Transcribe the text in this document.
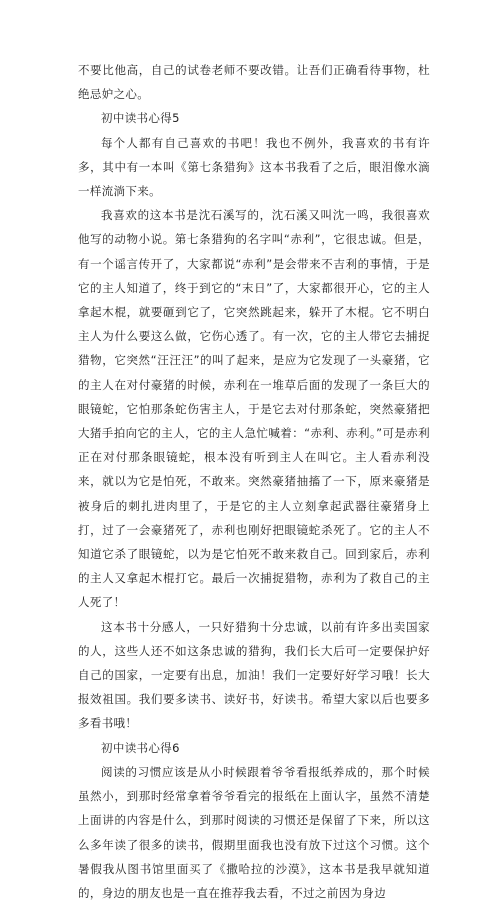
不要比他高，自己的试卷老师不要改错。让吾们正确看待事物，杜绝忌妒之心。

初中读书心得5

每个人都有自己喜欢的书吧！我也不例外，我喜欢的书有许多，其中有一本叫《第七条猎狗》这本书我看了之后，眼泪像水滴一样流淌下来。

我喜欢的这本书是沈石溪写的，沈石溪又叫沈一鸣，我很喜欢他写的动物小说。第七条猎狗的名字叫“赤利”，它很忠诚。但是，有一个谣言传开了，大家都说“赤利”是会带来不吉利的事情，于是它的主人知道了，终于到它的“末日”了，大家都很开心，它的主人拿起木棍，就要砸到它了，它突然跳起来，躲开了木棍。它不明白主人为什么要这么做，它伤心透了。有一次，它的主人带它去捕捉猎物，它突然“汪汪汪”的叫了起来，是应为它发现了一头豪猪，它的主人在对付豪猪的时候，赤利在一堆草后面的发现了一条巨大的眼镜蛇，它怕那条蛇伤害主人，于是它去对付那条蛇，突然豪猪把大猪手拍向它的主人，它的主人急忙喊着：“赤利、赤利。”可是赤利正在对付那条眼镜蛇，根本没有听到主人在叫它。主人看赤利没来，就以为它是怕死，不敢来。突然豪猪抽搐了一下，原来豪猪是被身后的刺扎进肉里了，于是它的主人立刻拿起武器往豪猪身上打，过了一会豪猪死了，赤利也刚好把眼镜蛇杀死了。它的主人不知道它杀了眼镜蛇，以为是它怕死不敢来救自己。回到家后，赤利的主人又拿起木棍打它。最后一次捕捉猎物，赤利为了救自己的主人死了！

这本书十分感人，一只好猎狗十分忠诚，以前有许多出卖国家的人，这些人还不如这条忠诚的猎狗，我们长大后可一定要保护好自己的国家，一定要有出息，加油！我们一定要好好学习哦！长大报效祖国。我们要多读书、读好书，好读书。希望大家以后也要多多看书哦！

初中读书心得6

阅读的习惯应该是从小时候跟着爷爷看报纸养成的，那个时候虽然小，到那时经常拿着爷爷看完的报纸在上面认字，虽然不清楚上面讲的内容是什么，到那时阅读的习惯还是保留了下来，所以这么多年读了很多的读书，假期里面我也没有放下过这个习惯。这个暑假我从图书馆里面买了《撒哈拉的沙漠》，这本书是我早就知道的，身边的朋友也是一直在推荐我去看，不过之前因为身边
